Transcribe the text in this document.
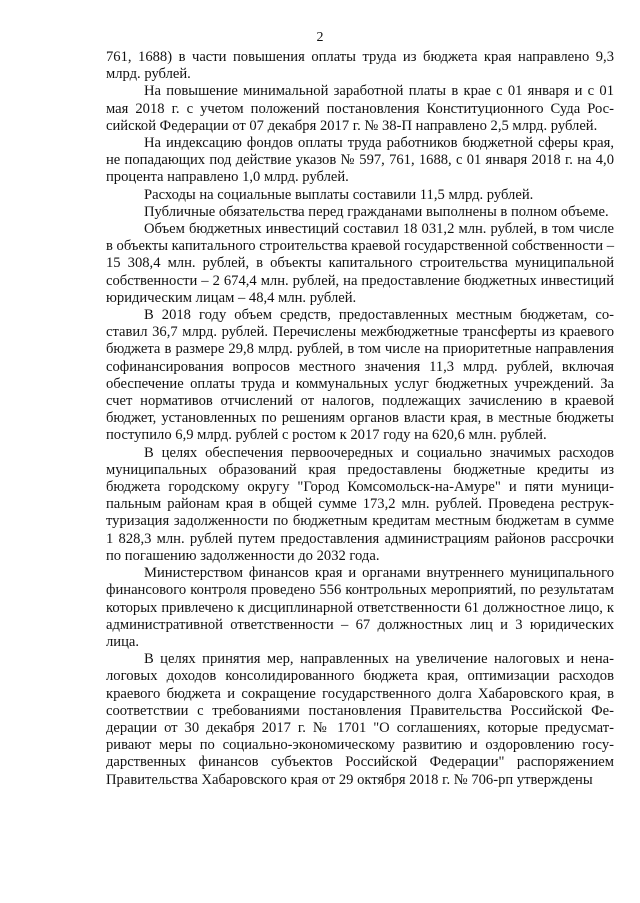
2

761, 1688) в части повышения оплаты труда из бюджета края направлено 9,3 млрд. рублей.

На повышение минимальной заработной платы в крае с 01 января и с 01 мая 2018 г. с учетом положений постановления Конституционного Суда Российской Федерации от 07 декабря 2017 г. № 38-П направлено 2,5 млрд. рублей.

На индексацию фондов оплаты труда работников бюджетной сферы края, не попадающих под действие указов № 597, 761, 1688, с 01 января 2018 г. на 4,0 процента направлено 1,0 млрд. рублей.

Расходы на социальные выплаты составили 11,5 млрд. рублей.

Публичные обязательства перед гражданами выполнены в полном объеме.

Объем бюджетных инвестиций составил 18 031,2 млн. рублей, в том числе в объекты капитального строительства краевой государственной собственности – 15 308,4 млн. рублей, в объекты капитального строительства муниципальной собственности – 2 674,4 млн. рублей, на предоставление бюджетных инвестиций юридическим лицам – 48,4 млн. рублей.

В 2018 году объем средств, предоставленных местным бюджетам, составил 36,7 млрд. рублей. Перечислены межбюджетные трансферты из краевого бюджета в размере 29,8 млрд. рублей, в том числе на приоритетные направления софинансирования вопросов местного значения 11,3 млрд. рублей, включая обеспечение оплаты труда и коммунальных услуг бюджетных учреждений. За счет нормативов отчислений от налогов, подлежащих зачислению в краевой бюджет, установленных по решениям органов власти края, в местные бюджеты поступило 6,9 млрд. рублей с ростом к 2017 году на 620,6 млн. рублей.

В целях обеспечения первоочередных и социально значимых расходов муниципальных образований края предоставлены бюджетные кредиты из бюджета городскому округу "Город Комсомольск-на-Амуре" и пяти муниципальным районам края в общей сумме 173,2 млн. рублей. Проведена реструктуризация задолженности по бюджетным кредитам местным бюджетам в сумме 1 828,3 млн. рублей путем предоставления администрациям районов рассрочки по погашению задолженности до 2032 года.

Министерством финансов края и органами внутреннего муниципального финансового контроля проведено 556 контрольных мероприятий, по результатам которых привлечено к дисциплинарной ответственности 61 должностное лицо, к административной ответственности – 67 должностных лиц и 3 юридических лица.

В целях принятия мер, направленных на увеличение налоговых и неналоговых доходов консолидированного бюджета края, оптимизации расходов краевого бюджета и сокращение государственного долга Хабаровского края, в соответствии с требованиями постановления Правительства Российской Федерации от 30 декабря 2017 г. № 1701 "О соглашениях, которые предусматривают меры по социально-экономическому развитию и оздоровлению государственных финансов субъектов Российской Федерации" распоряжением Правительства Хабаровского края от 29 октября 2018 г. № 706-рп утверждены
